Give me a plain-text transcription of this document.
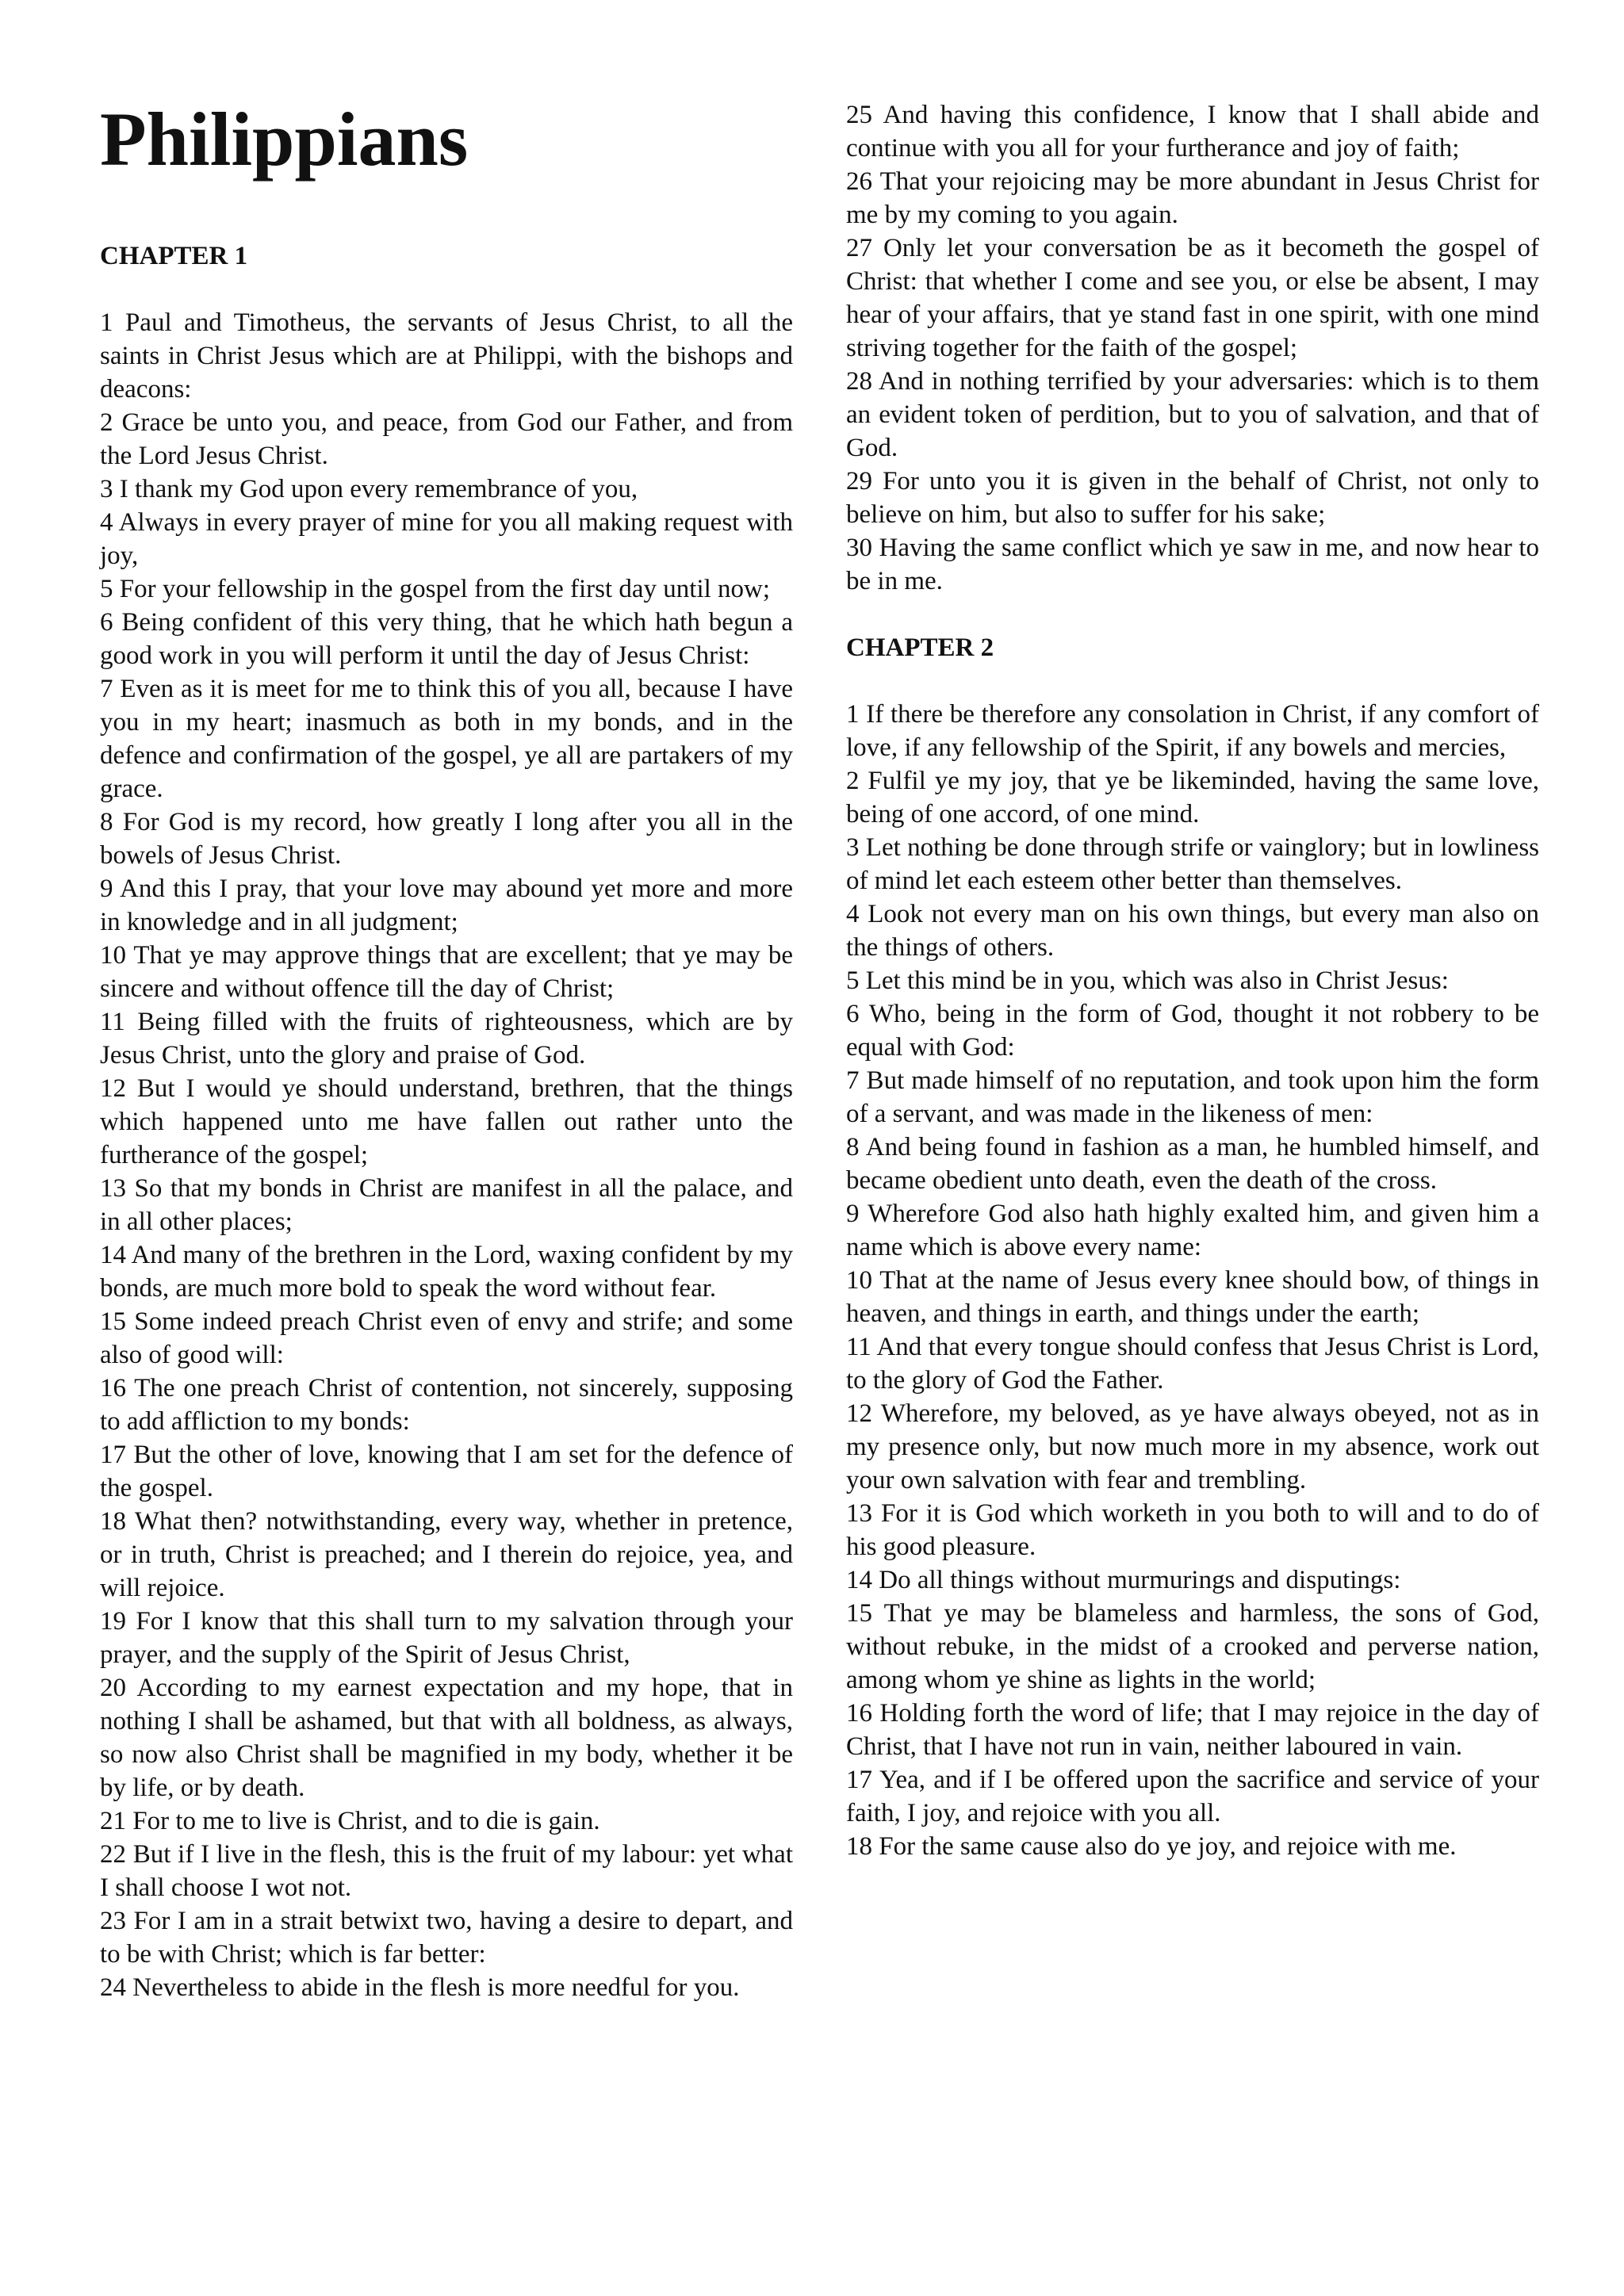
Philippians
CHAPTER 1

1 Paul and Timotheus, the servants of Jesus Christ, to all the saints in Christ Jesus which are at Philippi, with the bishops and deacons:

2 Grace be unto you, and peace, from God our Father, and from the Lord Jesus Christ.

3 I thank my God upon every remembrance of you,

4 Always in every prayer of mine for you all making request with joy,

5 For your fellowship in the gospel from the first day until now;

6 Being confident of this very thing, that he which hath begun a good work in you will perform it until the day of Jesus Christ:

7 Even as it is meet for me to think this of you all, because I have you in my heart; inasmuch as both in my bonds, and in the defence and confirmation of the gospel, ye all are partakers of my grace.

8 For God is my record, how greatly I long after you all in the bowels of Jesus Christ.

9 And this I pray, that your love may abound yet more and more in knowledge and in all judgment;

10 That ye may approve things that are excellent; that ye may be sincere and without offence till the day of Christ;

11 Being filled with the fruits of righteousness, which are by Jesus Christ, unto the glory and praise of God.

12 But I would ye should understand, brethren, that the things which happened unto me have fallen out rather unto the furtherance of the gospel;

13 So that my bonds in Christ are manifest in all the palace, and in all other places;

14 And many of the brethren in the Lord, waxing confident by my bonds, are much more bold to speak the word without fear.

15 Some indeed preach Christ even of envy and strife; and some also of good will:

16 The one preach Christ of contention, not sincerely, supposing to add affliction to my bonds:

17 But the other of love, knowing that I am set for the defence of the gospel.

18 What then? notwithstanding, every way, whether in pretence, or in truth, Christ is preached; and I therein do rejoice, yea, and will rejoice.

19 For I know that this shall turn to my salvation through your prayer, and the supply of the Spirit of Jesus Christ,

20 According to my earnest expectation and my hope, that in nothing I shall be ashamed, but that with all boldness, as always, so now also Christ shall be magnified in my body, whether it be by life, or by death.

21 For to me to live is Christ, and to die is gain.

22 But if I live in the flesh, this is the fruit of my labour: yet what I shall choose I wot not.

23 For I am in a strait betwixt two, having a desire to depart, and to be with Christ; which is far better:

24 Nevertheless to abide in the flesh is more needful for you.

25 And having this confidence, I know that I shall abide and continue with you all for your furtherance and joy of faith;

26 That your rejoicing may be more abundant in Jesus Christ for me by my coming to you again.

27 Only let your conversation be as it becometh the gospel of Christ: that whether I come and see you, or else be absent, I may hear of your affairs, that ye stand fast in one spirit, with one mind striving together for the faith of the gospel;

28 And in nothing terrified by your adversaries: which is to them an evident token of perdition, but to you of salvation, and that of God.

29 For unto you it is given in the behalf of Christ, not only to believe on him, but also to suffer for his sake;

30 Having the same conflict which ye saw in me, and now hear to be in me.

CHAPTER 2

1 If there be therefore any consolation in Christ, if any comfort of love, if any fellowship of the Spirit, if any bowels and mercies,

2 Fulfil ye my joy, that ye be likeminded, having the same love, being of one accord, of one mind.

3 Let nothing be done through strife or vainglory; but in lowliness of mind let each esteem other better than themselves.

4 Look not every man on his own things, but every man also on the things of others.

5 Let this mind be in you, which was also in Christ Jesus:

6 Who, being in the form of God, thought it not robbery to be equal with God:

7 But made himself of no reputation, and took upon him the form of a servant, and was made in the likeness of men:

8 And being found in fashion as a man, he humbled himself, and became obedient unto death, even the death of the cross.

9 Wherefore God also hath highly exalted him, and given him a name which is above every name:

10 That at the name of Jesus every knee should bow, of things in heaven, and things in earth, and things under the earth;

11 And that every tongue should confess that Jesus Christ is Lord, to the glory of God the Father.

12 Wherefore, my beloved, as ye have always obeyed, not as in my presence only, but now much more in my absence, work out your own salvation with fear and trembling.

13 For it is God which worketh in you both to will and to do of his good pleasure.

14 Do all things without murmurings and disputings:

15 That ye may be blameless and harmless, the sons of God, without rebuke, in the midst of a crooked and perverse nation, among whom ye shine as lights in the world;

16 Holding forth the word of life; that I may rejoice in the day of Christ, that I have not run in vain, neither laboured in vain.

17 Yea, and if I be offered upon the sacrifice and service of your faith, I joy, and rejoice with you all.

18 For the same cause also do ye joy, and rejoice with me.
